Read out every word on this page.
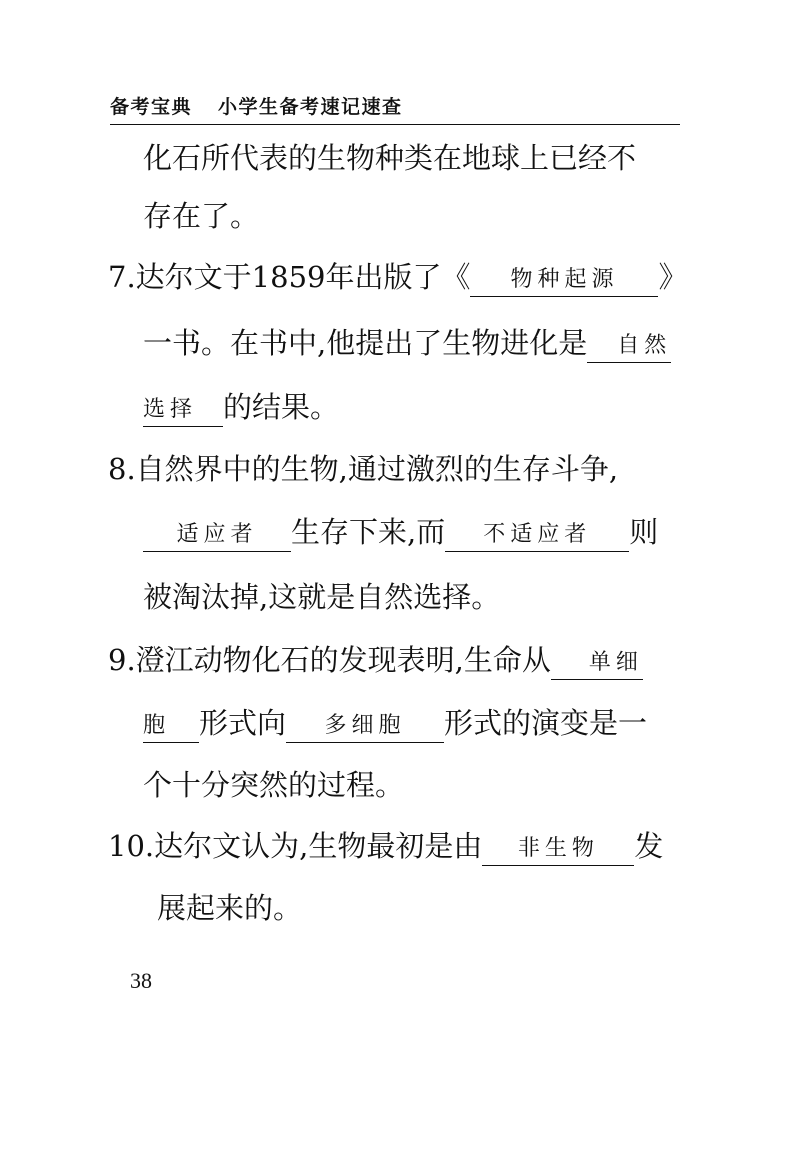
备考宝典 小学生备考速记速查
化石所代表的生物种类在地球上已经不
存在了。
7.达尔文于1859年出版了《 物种起源 》
一书。在书中,他提出了生物进化是 自然
选择 的结果。
8.自然界中的生物,通过激烈的生存斗争,
适应者 生存下来,而 不适应者 则
被淘汰掉,这就是自然选择。
9.澄江动物化石的发现表明,生命从 单细
胞 形式向 多细胞 形式的演变是一
个十分突然的过程。
10.达尔文认为,生物最初是由 非生物 发
展起来的。
38
